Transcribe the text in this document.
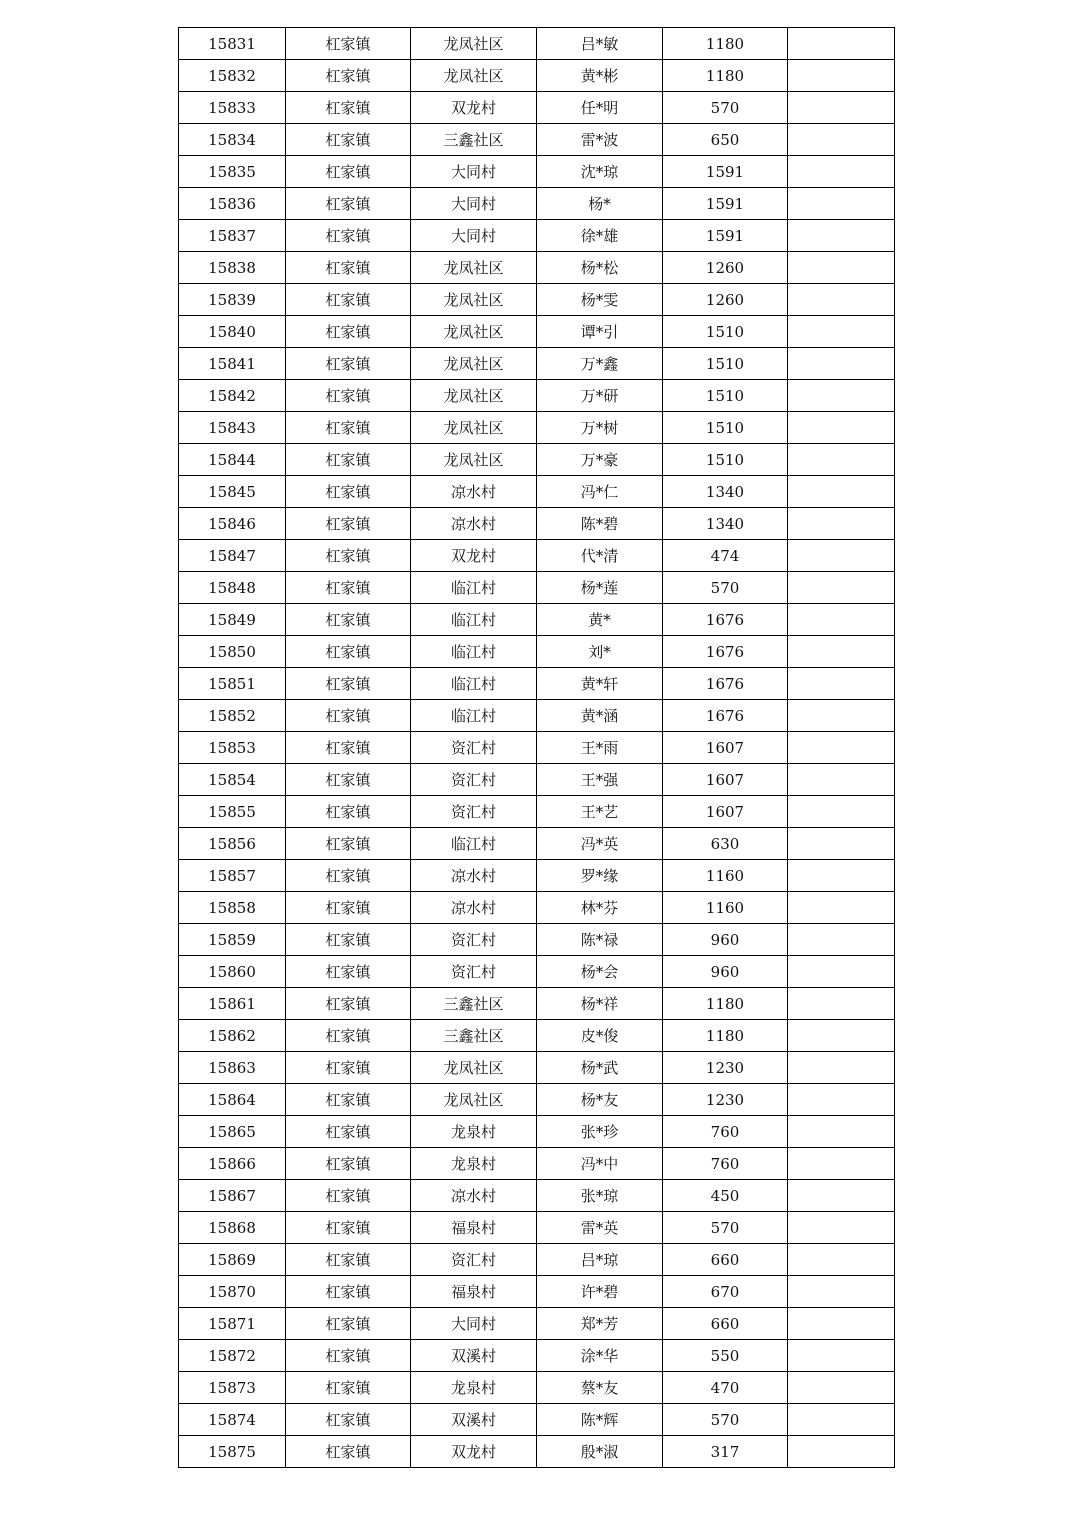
15831	杠家镇	龙凤社区	吕*敏	1180	
15832	杠家镇	龙凤社区	黄*彬	1180	
15833	杠家镇	双龙村	任*明	570	
15834	杠家镇	三鑫社区	雷*波	650	
15835	杠家镇	大同村	沈*琼	1591	
15836	杠家镇	大同村	杨*	1591	
15837	杠家镇	大同村	徐*雄	1591	
15838	杠家镇	龙凤社区	杨*松	1260	
15839	杠家镇	龙凤社区	杨*雯	1260	
15840	杠家镇	龙凤社区	谭*引	1510	
15841	杠家镇	龙凤社区	万*鑫	1510	
15842	杠家镇	龙凤社区	万*研	1510	
15843	杠家镇	龙凤社区	万*树	1510	
15844	杠家镇	龙凤社区	万*豪	1510	
15845	杠家镇	凉水村	冯*仁	1340	
15846	杠家镇	凉水村	陈*碧	1340	
15847	杠家镇	双龙村	代*清	474	
15848	杠家镇	临江村	杨*莲	570	
15849	杠家镇	临江村	黄*	1676	
15850	杠家镇	临江村	刘*	1676	
15851	杠家镇	临江村	黄*轩	1676	
15852	杠家镇	临江村	黄*涵	1676	
15853	杠家镇	资汇村	王*雨	1607	
15854	杠家镇	资汇村	王*强	1607	
15855	杠家镇	资汇村	王*艺	1607	
15856	杠家镇	临江村	冯*英	630	
15857	杠家镇	凉水村	罗*缘	1160	
15858	杠家镇	凉水村	林*芬	1160	
15859	杠家镇	资汇村	陈*禄	960	
15860	杠家镇	资汇村	杨*会	960	
15861	杠家镇	三鑫社区	杨*祥	1180	
15862	杠家镇	三鑫社区	皮*俊	1180	
15863	杠家镇	龙凤社区	杨*武	1230	
15864	杠家镇	龙凤社区	杨*友	1230	
15865	杠家镇	龙泉村	张*珍	760	
15866	杠家镇	龙泉村	冯*中	760	
15867	杠家镇	凉水村	张*琼	450	
15868	杠家镇	福泉村	雷*英	570	
15869	杠家镇	资汇村	吕*琼	660	
15870	杠家镇	福泉村	许*碧	670	
15871	杠家镇	大同村	郑*芳	660	
15872	杠家镇	双溪村	涂*华	550	
15873	杠家镇	龙泉村	蔡*友	470	
15874	杠家镇	双溪村	陈*辉	570	
15875	杠家镇	双龙村	殷*淑	317	
